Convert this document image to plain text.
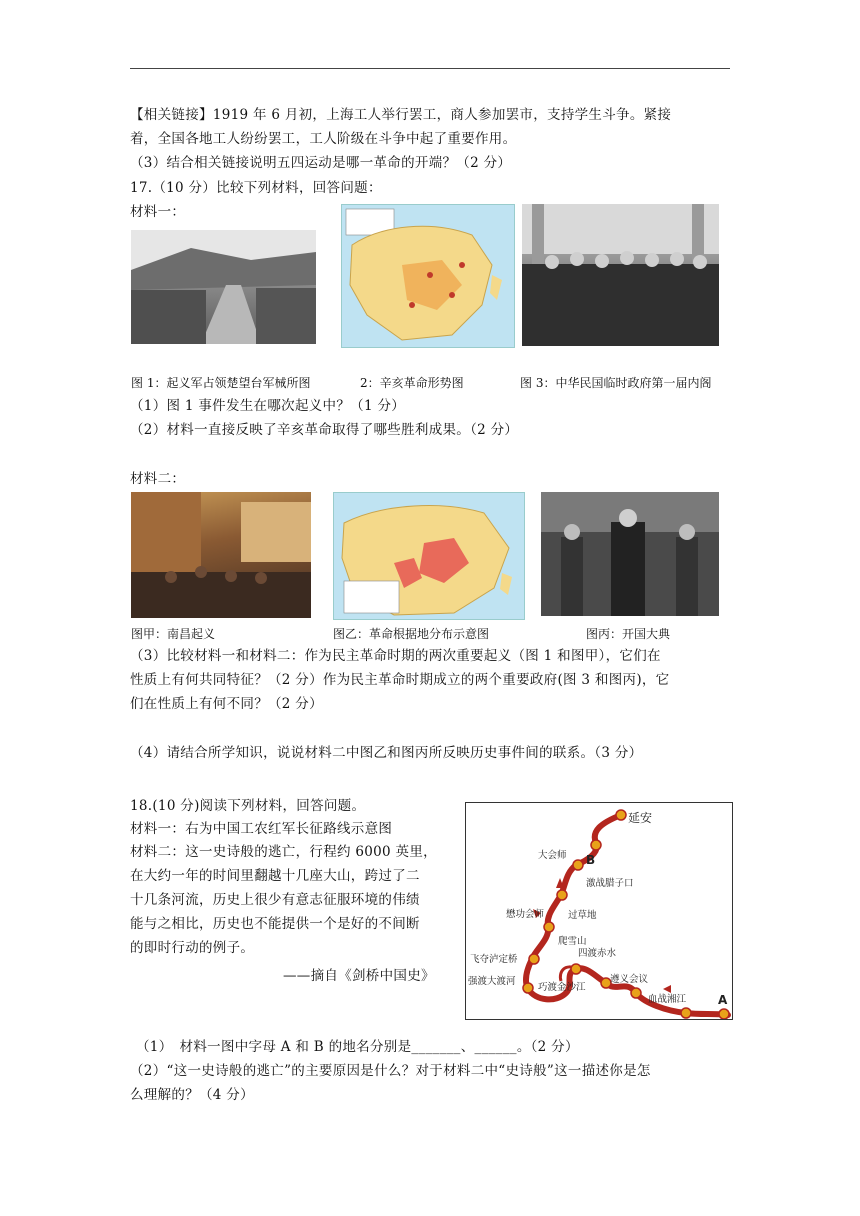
【相关链接】1919 年 6 月初，上海工人举行罢工，商人参加罢市，支持学生斗争。紧接
着，全国各地工人纷纷罢工，工人阶级在斗争中起了重要作用。
（3）结合相关链接说明五四运动是哪一革命的开端？（2 分）
17.（10 分）比较下列材料，回答问题：
材料一：
图 1：起义军占领楚望台军械所图	2：辛亥革命形势图	图 3：中华民国临时政府第一届内阁
（1）图 1 事件发生在哪次起义中？（1 分）
（2）材料一直接反映了辛亥革命取得了哪些胜利成果。（2 分）
材料二：
图甲：南昌起义	图乙：革命根据地分布示意图	图丙：开国大典
（3）比较材料一和材料二：作为民主革命时期的两次重要起义（图 1 和图甲），它们在
性质上有何共同特征？（2 分）作为民主革命时期成立的两个重要政府(图 3 和图丙)，它
们在性质上有何不同？（2 分）
（4）请结合所学知识，说说材料二中图乙和图丙所反映历史事件间的联系。（3 分）
18.(10 分)阅读下列材料，回答问题。
材料一：右为中国工农红军长征路线示意图
材料二：这一史诗般的逃亡，行程约 6000 英里，
在大约一年的时间里翻越十几座大山，跨过了二
十几条河流，历史上很少有意志征服环境的伟绩
能与之相比，历史也不能提供一个是好的不间断
的即时行动的例子。
——摘自《剑桥中国史》
延安
大会师 B
激战腊子口
懋功会师	过草地
爬雪山
飞夺泸定桥
四渡赤水
强渡大渡河
巧渡金沙江
遵义会议
血战湘江	A
（1）　材料一图中字母 A 和 B 的地名分别是_______、______。（2 分）
（2）“这一史诗般的逃亡”的主要原因是什么？对于材料二中“史诗般”这一描述你是怎
么理解的？（4 分）
